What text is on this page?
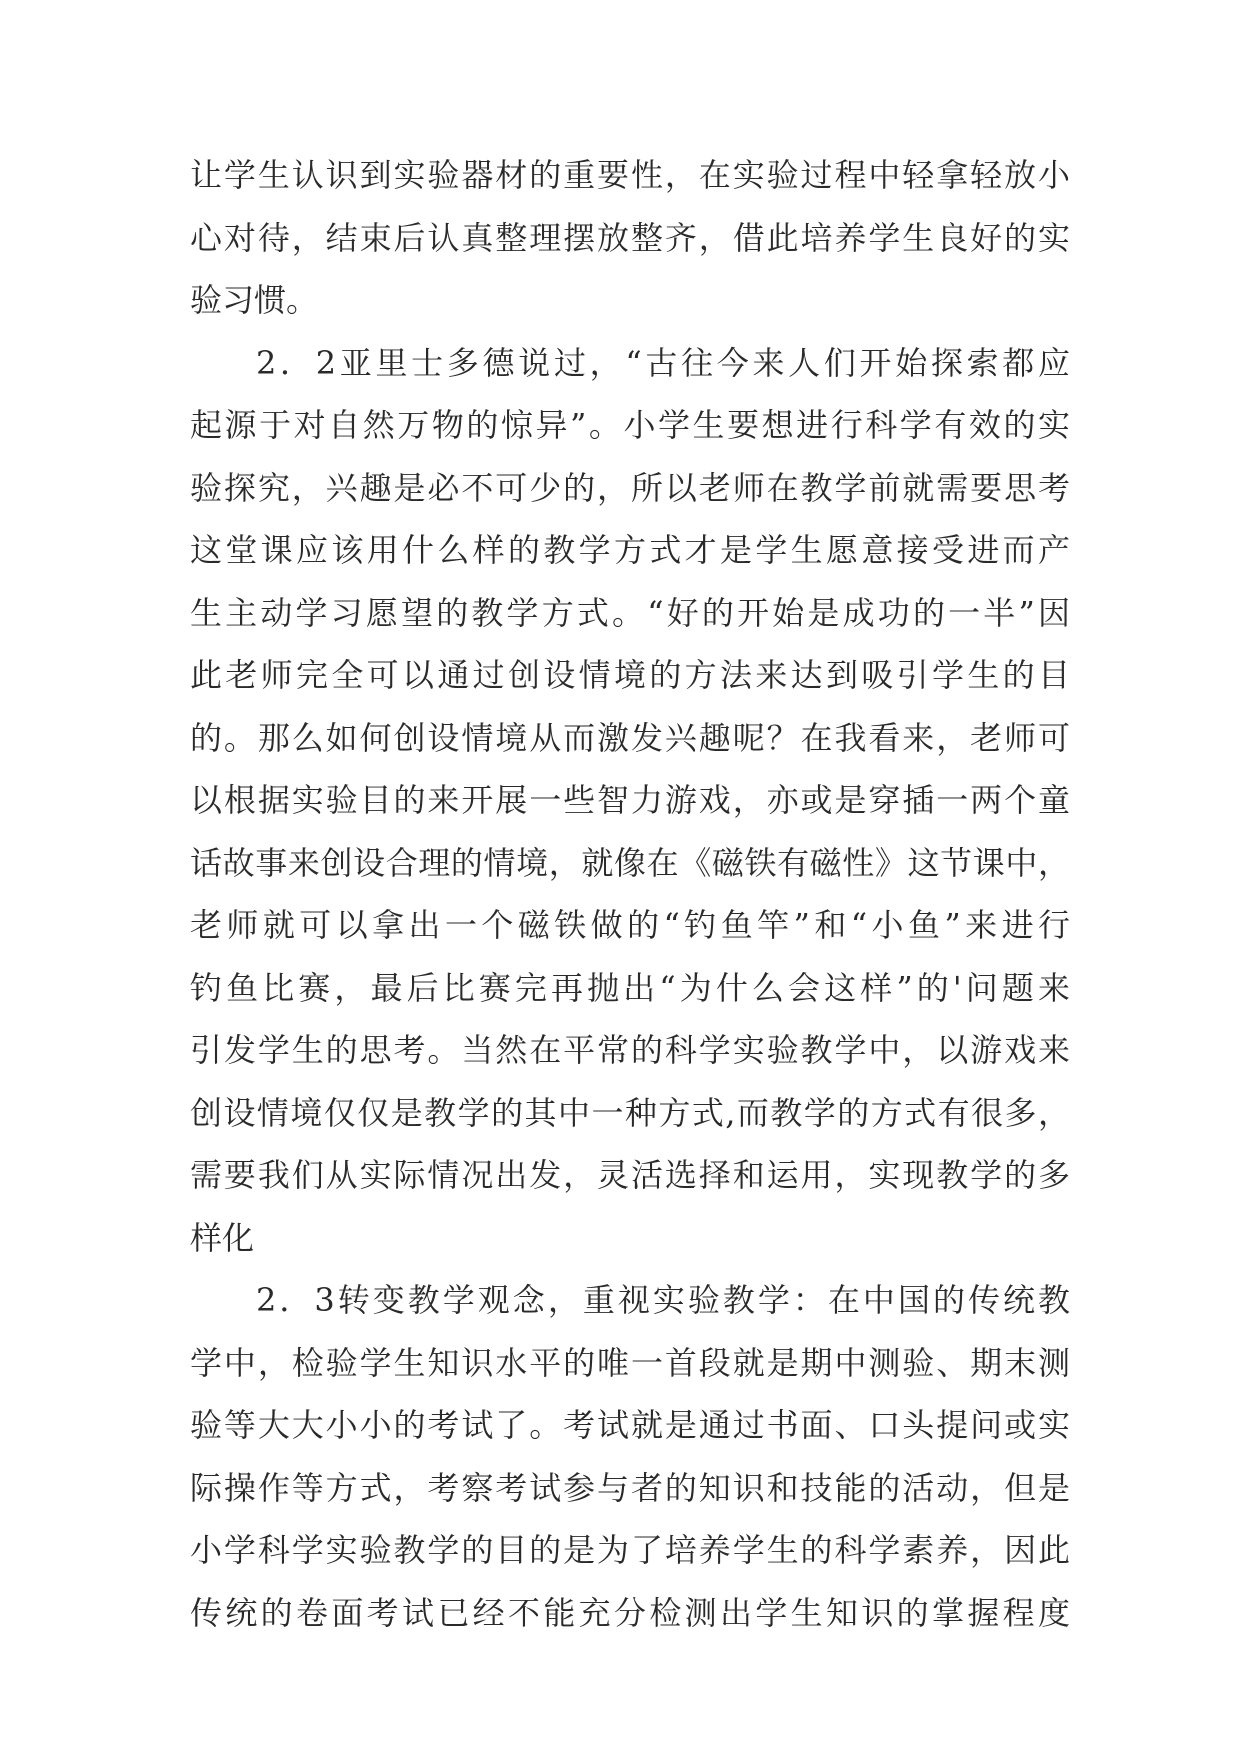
让学生认识到实验器材的重要性，在实验过程中轻拿轻放小
心对待，结束后认真整理摆放整齐，借此培养学生良好的实
验习惯。
2．2亚里士多德说过，“古往今来人们开始探索都应
起源于对自然万物的惊异”。小学生要想进行科学有效的实
验探究，兴趣是必不可少的，所以老师在教学前就需要思考
这堂课应该用什么样的教学方式才是学生愿意接受进而产
生主动学习愿望的教学方式。“好的开始是成功的一半”因
此老师完全可以通过创设情境的方法来达到吸引学生的目
的。那么如何创设情境从而激发兴趣呢？在我看来，老师可
以根据实验目的来开展一些智力游戏，亦或是穿插一两个童
话故事来创设合理的情境，就像在《磁铁有磁性》这节课中，
老师就可以拿出一个磁铁做的“钓鱼竿”和“小鱼”来进行
钓鱼比赛，最后比赛完再抛出“为什么会这样”的'问题来
引发学生的思考。当然在平常的科学实验教学中，以游戏来
创设情境仅仅是教学的其中一种方式,而教学的方式有很多，
需要我们从实际情况出发，灵活选择和运用，实现教学的多
样化
2．3转变教学观念，重视实验教学：在中国的传统教
学中，检验学生知识水平的唯一首段就是期中测验、期末测
验等大大小小的考试了。考试就是通过书面、口头提问或实
际操作等方式，考察考试参与者的知识和技能的活动，但是
小学科学实验教学的目的是为了培养学生的科学素养，因此
传统的卷面考试已经不能充分检测出学生知识的掌握程度
